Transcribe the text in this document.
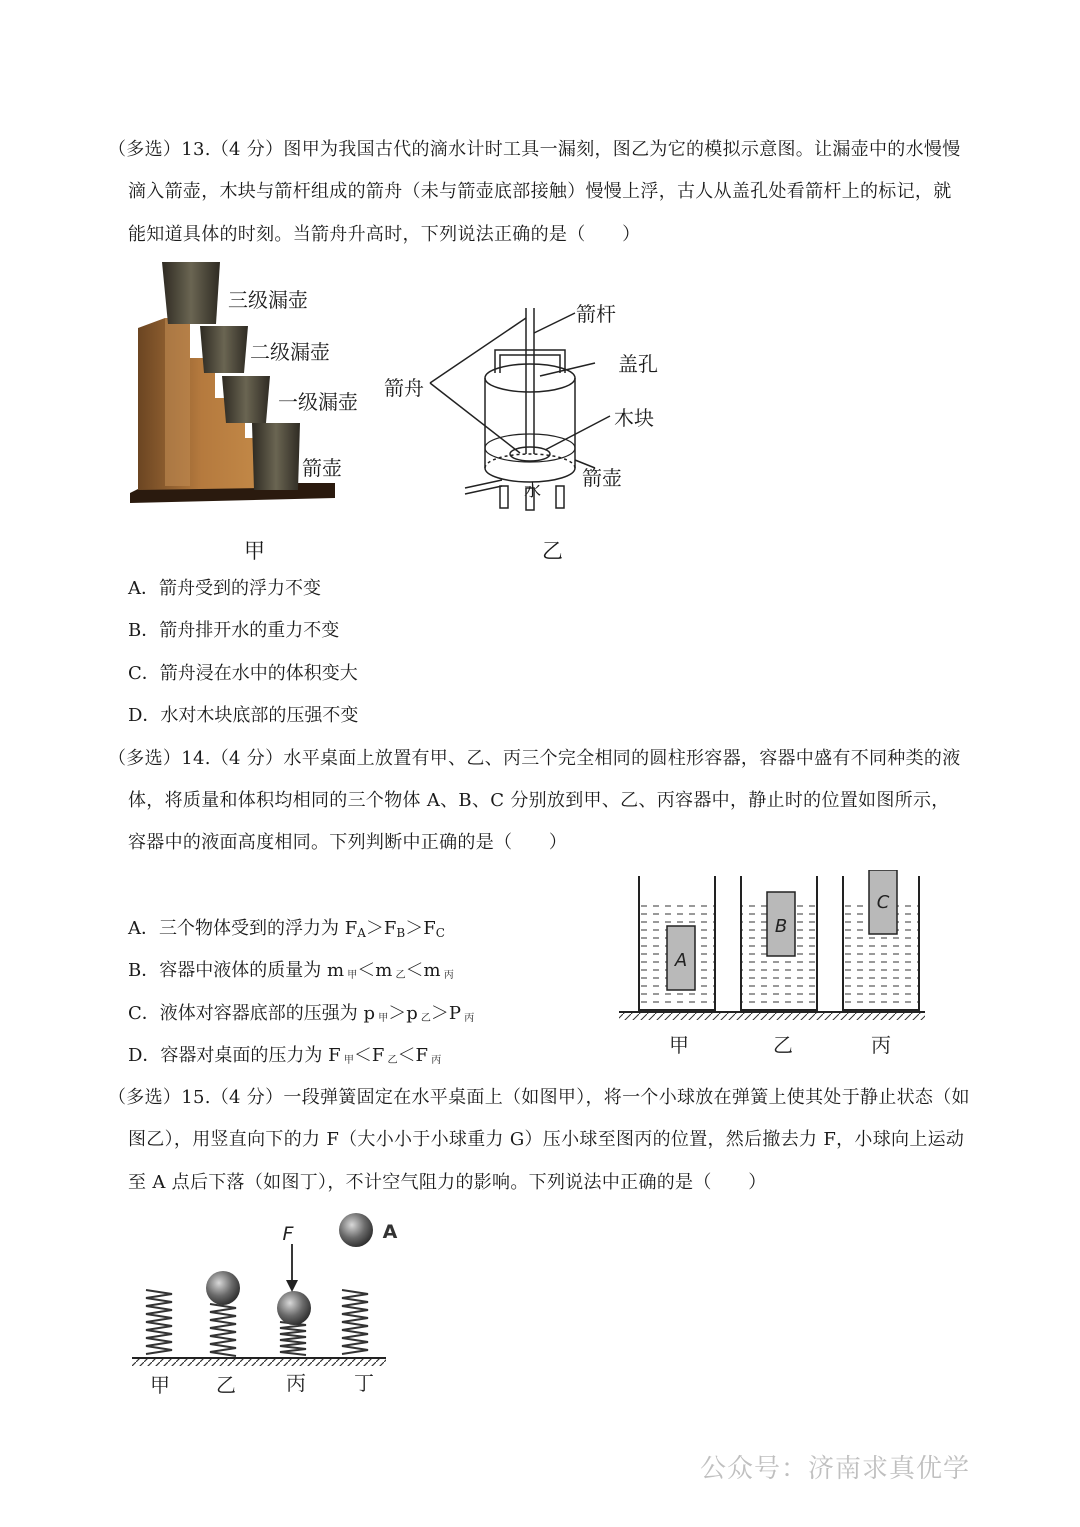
（多选）13.（4 分）图甲为我国古代的滴水计时工具一漏刻，图乙为它的模拟示意图。让漏壶中的水慢慢
滴入箭壶，木块与箭杆组成的箭舟（未与箭壶底部接触）慢慢上浮，古人从盖孔处看箭杆上的标记，就
能知道具体的时刻。当箭舟升高时，下列说法正确的是（　　）
三级漏壶
二级漏壶
一级漏壶
箭壶
甲
箭杆
箭舟
盖孔
木块
箭壶
水
乙
A．箭舟受到的浮力不变
B．箭舟排开水的重力不变
C．箭舟浸在水中的体积变大
D．水对木块底部的压强不变
（多选）14.（4 分）水平桌面上放置有甲、乙、丙三个完全相同的圆柱形容器，容器中盛有不同种类的液
体，将质量和体积均相同的三个物体 A、B、C 分别放到甲、乙、丙容器中，静止时的位置如图所示，
容器中的液面高度相同。下列判断中正确的是（　　）
A．三个物体受到的浮力为 $F_A>F_B>F_C$
B．容器中液体的质量为 m $_甲$＜m $_乙$＜m $_丙$
C．液体对容器底部的压强为 p $_甲$＞p $_乙$＞P $_丙$
D．容器对桌面的压力为 F $_甲$＜F $_乙$＜F $_丙$
A
B
C
甲	乙	丙
（多选）15.（4 分）一段弹簧固定在水平桌面上（如图甲），将一个小球放在弹簧上使其处于静止状态（如
图乙），用竖直向下的力 F（大小小于小球重力 G）压小球至图丙的位置，然后撤去力 F，小球向上运动
至 A 点后下落（如图丁），不计空气阻力的影响。下列说法中正确的是（　　）
F	A
甲 乙	丙 丁
公众号：济南求真优学
